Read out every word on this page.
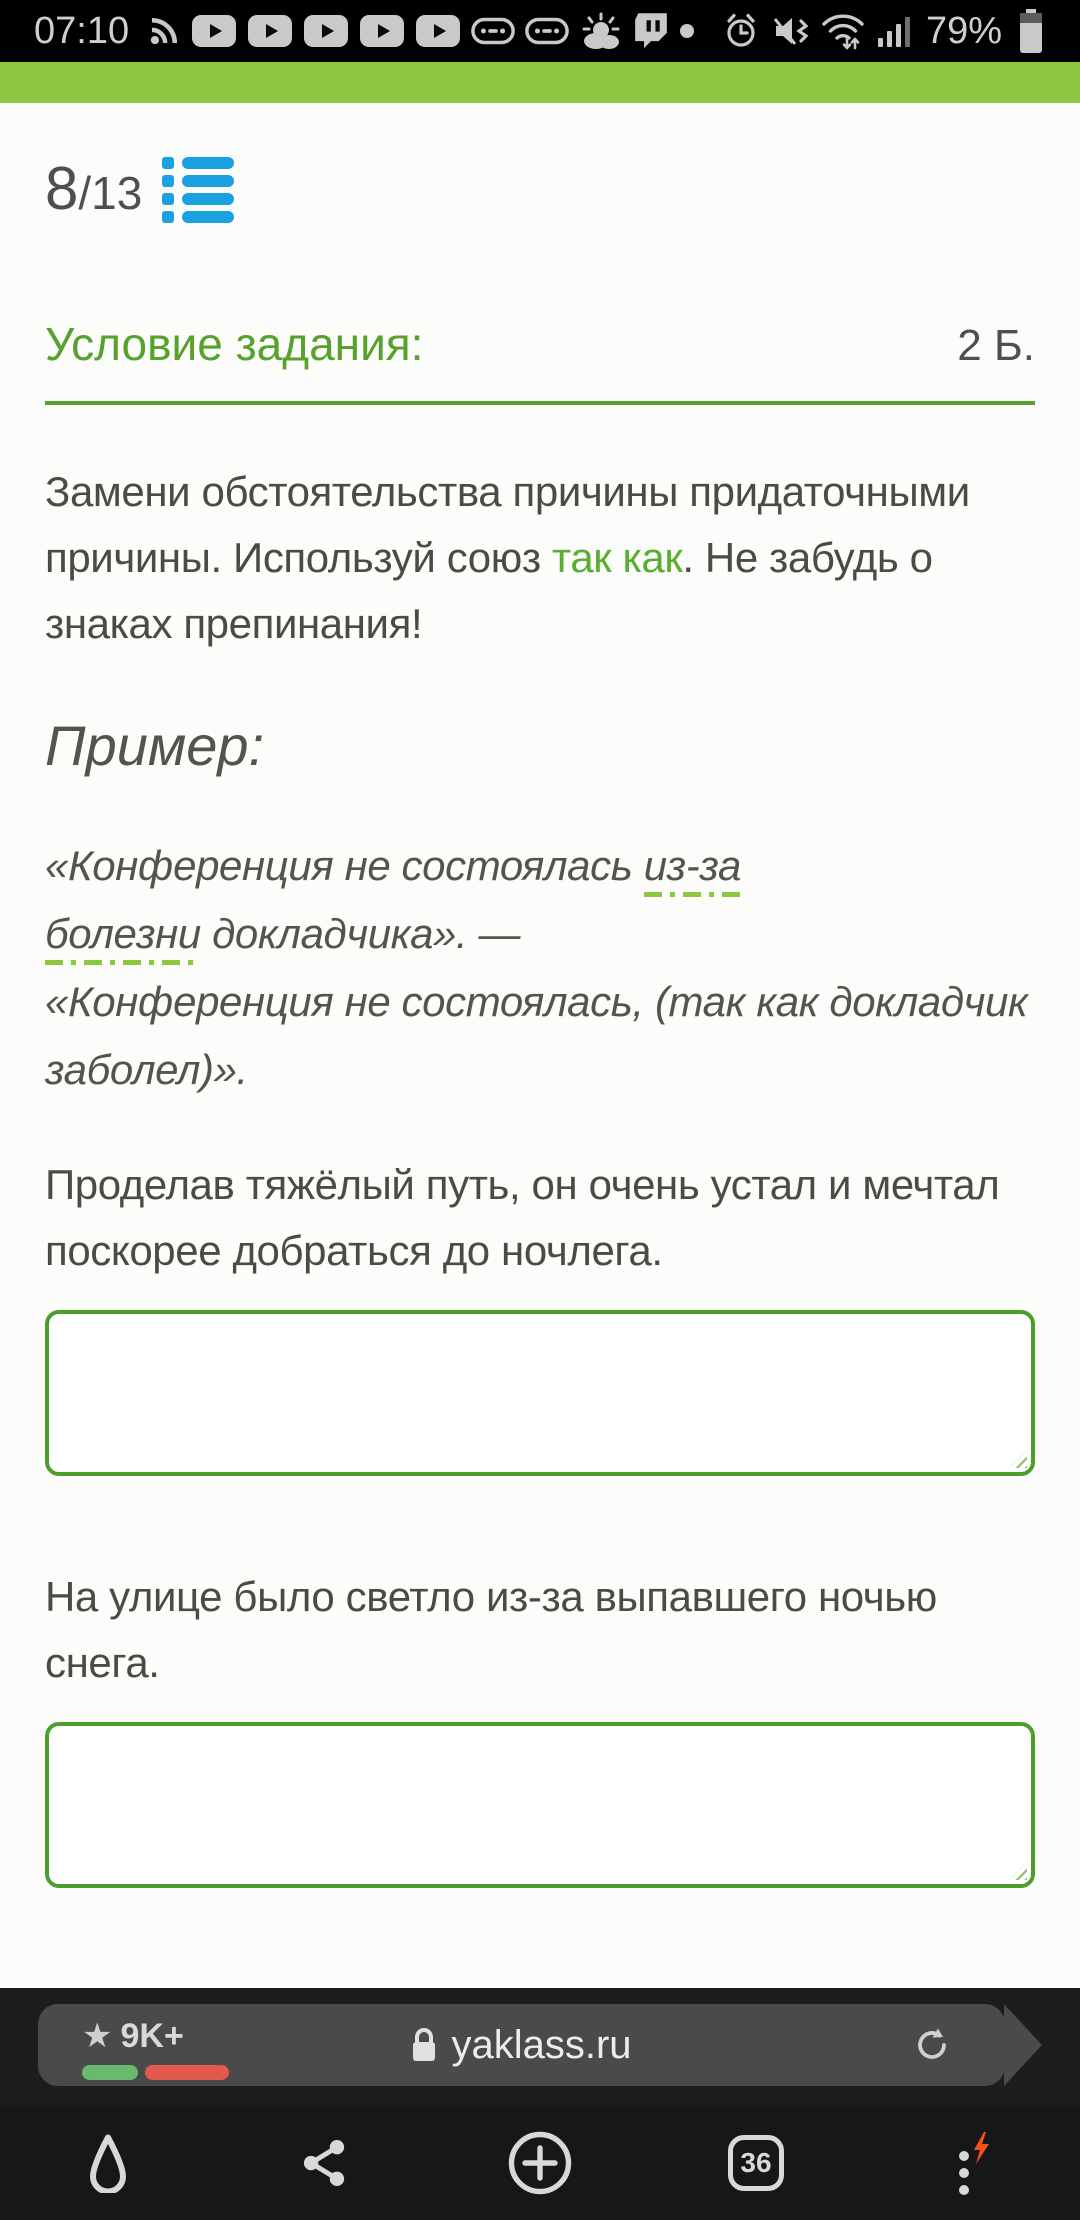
07:10	79%
8/13
Условие задания:	2 Б.

Замени обстоятельства причины придаточными
причины. Используй союз так как. Не забудь о
знаках препинания!

Пример:

«Конференция не состоялась из-за
болезни докладчика». —
«Конференция не состоялась, (так как докладчик
заболел)».

Проделав тяжёлый путь, он очень устал и мечтал
поскорее добраться до ночлега.

На улице было светло из-за выпавшего ночью
снега.

★ 9K+	yaklass.ru
36
